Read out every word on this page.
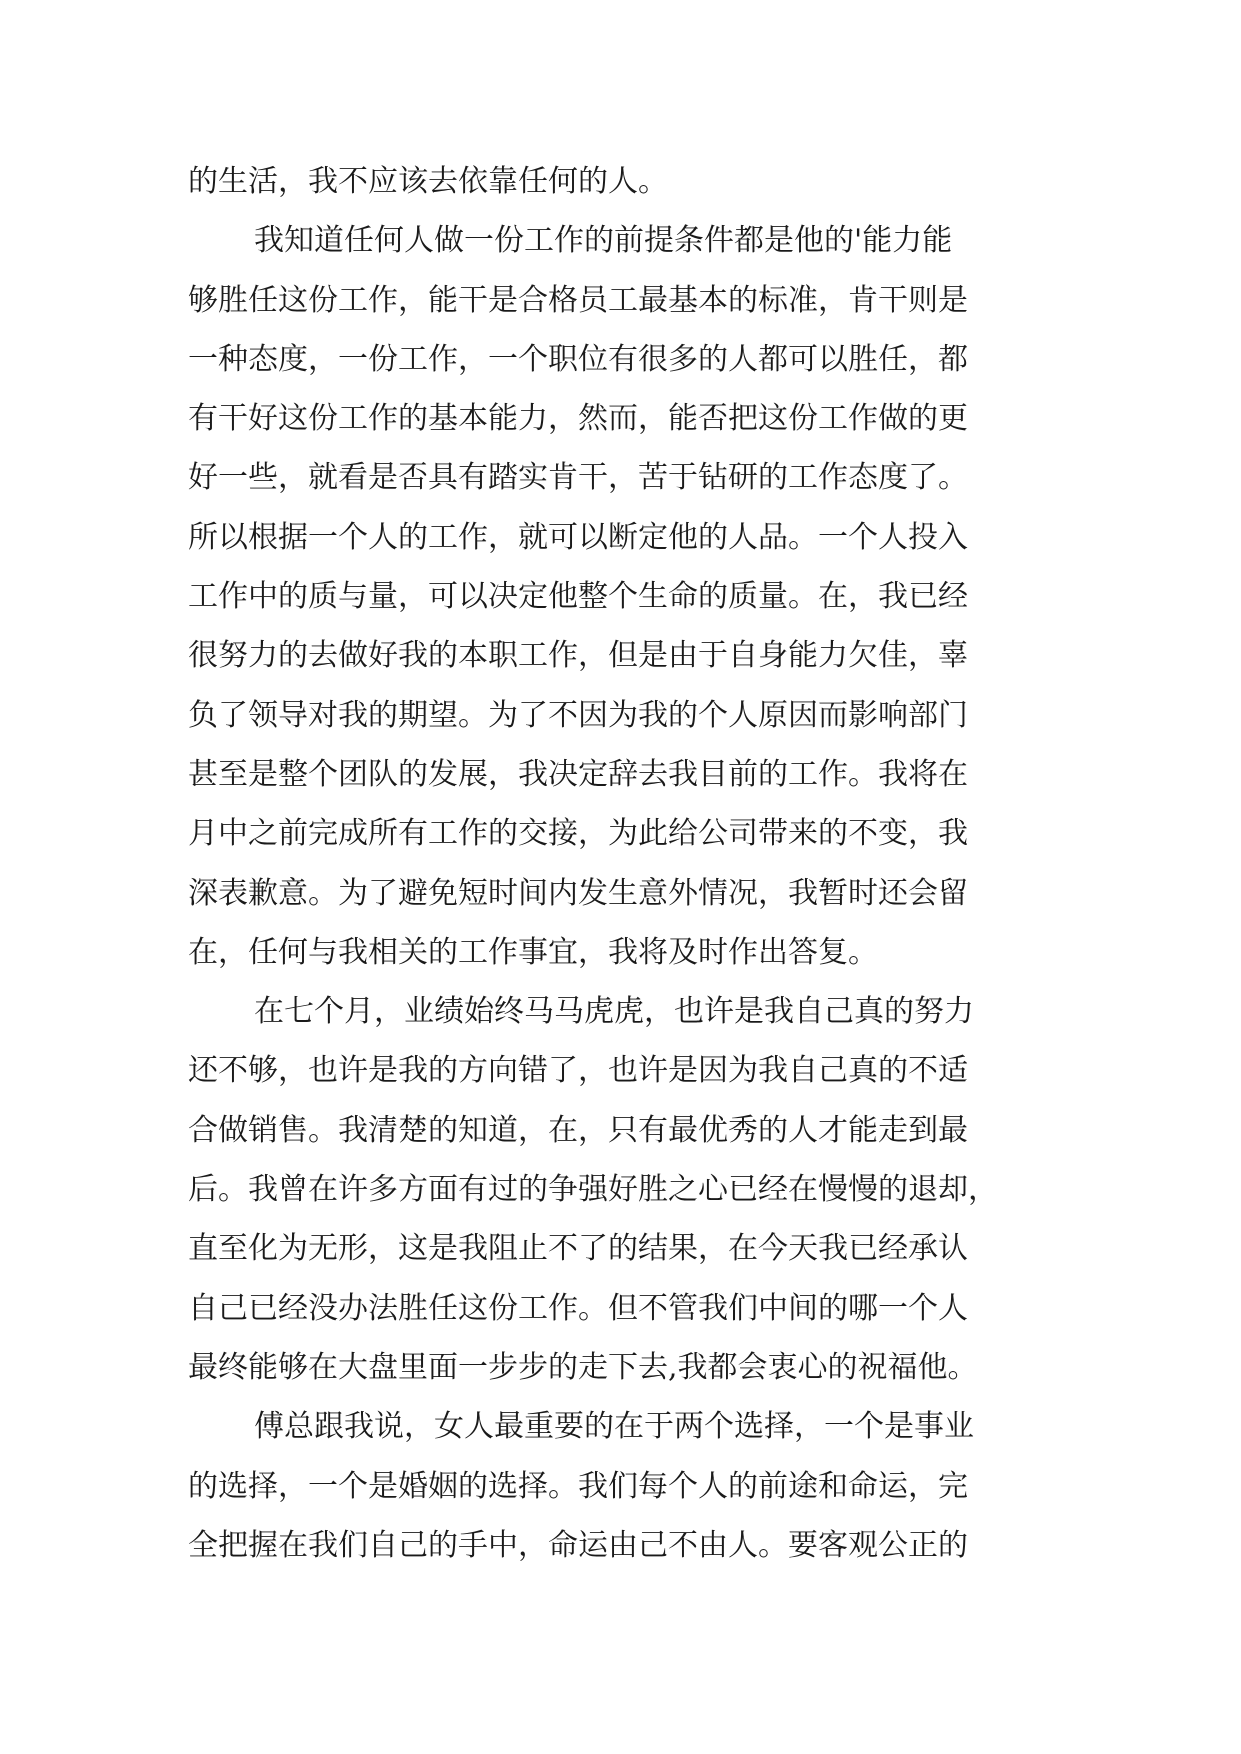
的生活，我不应该去依靠任何的人。
我知道任何人做一份工作的前提条件都是他的'能力能
够胜任这份工作，能干是合格员工最基本的标准，肯干则是
一种态度，一份工作，一个职位有很多的人都可以胜任，都
有干好这份工作的基本能力，然而，能否把这份工作做的更
好一些，就看是否具有踏实肯干，苦于钻研的工作态度了。
所以根据一个人的工作，就可以断定他的人品。一个人投入
工作中的质与量，可以决定他整个生命的质量。在，我已经
很努力的去做好我的本职工作，但是由于自身能力欠佳，辜
负了领导对我的期望。为了不因为我的个人原因而影响部门
甚至是整个团队的发展，我决定辞去我目前的工作。我将在
月中之前完成所有工作的交接，为此给公司带来的不变，我
深表歉意。为了避免短时间内发生意外情况，我暂时还会留
在，任何与我相关的工作事宜，我将及时作出答复。
在七个月，业绩始终马马虎虎，也许是我自己真的努力
还不够，也许是我的方向错了，也许是因为我自己真的不适
合做销售。我清楚的知道，在，只有最优秀的人才能走到最
后。我曾在许多方面有过的争强好胜之心已经在慢慢的退却，
直至化为无形，这是我阻止不了的结果，在今天我已经承认
自己已经没办法胜任这份工作。但不管我们中间的哪一个人
最终能够在大盘里面一步步的走下去,我都会衷心的祝福他。
傅总跟我说，女人最重要的在于两个选择，一个是事业
的选择，一个是婚姻的选择。我们每个人的前途和命运，完
全把握在我们自己的手中，命运由己不由人。要客观公正的
